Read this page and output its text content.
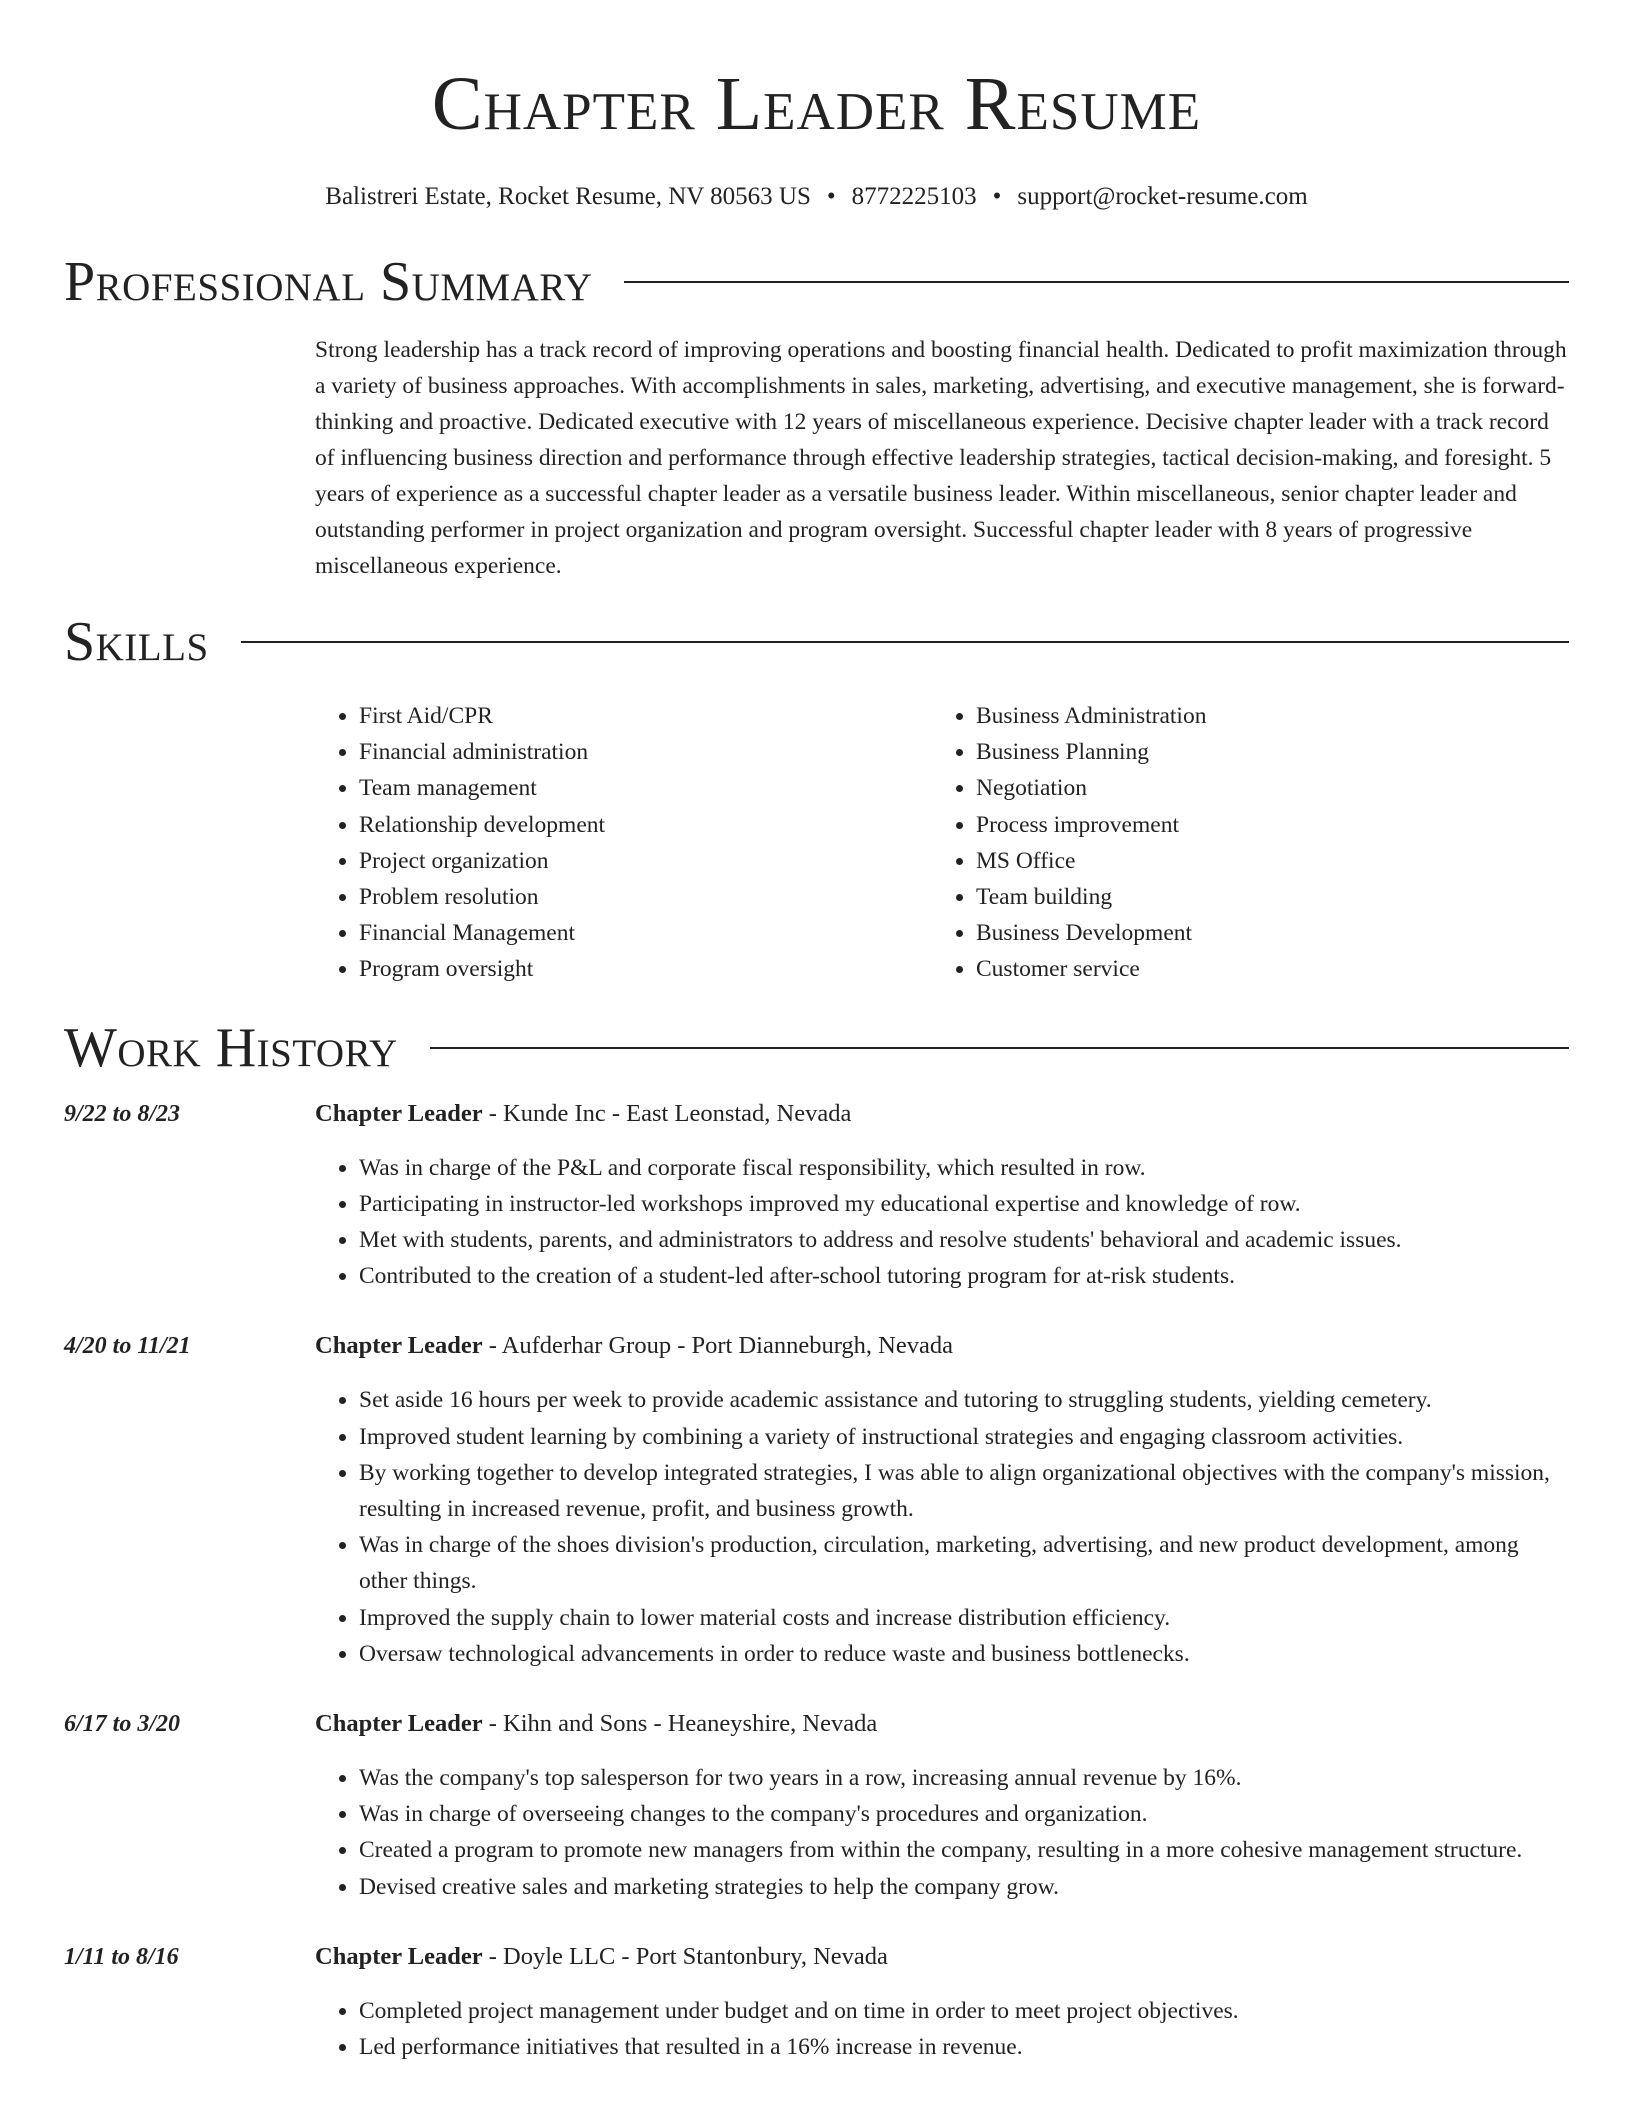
Chapter Leader Resume
Balistreri Estate, Rocket Resume, NV 80563 US • 8772225103 • support@rocket-resume.com
Professional Summary

Strong leadership has a track record of improving operations and boosting financial health. Dedicated to profit maximization through a variety of business approaches. With accomplishments in sales, marketing, advertising, and executive management, she is forward-thinking and proactive. Dedicated executive with 12 years of miscellaneous experience. Decisive chapter leader with a track record of influencing business direction and performance through effective leadership strategies, tactical decision-making, and foresight. 5 years of experience as a successful chapter leader as a versatile business leader. Within miscellaneous, senior chapter leader and outstanding performer in project organization and program oversight. Successful chapter leader with 8 years of progressive miscellaneous experience.

Skills
• First Aid/CPR
• Financial administration
• Team management
• Relationship development
• Project organization
• Problem resolution
• Financial Management
• Program oversight
• Business Administration
• Business Planning
• Negotiation
• Process improvement
• MS Office
• Team building
• Business Development
• Customer service
Work History
9/22 to 8/23	Chapter Leader - Kunde Inc - East Leonstad, Nevada
• Was in charge of the P&L and corporate fiscal responsibility, which resulted in row.
• Participating in instructor-led workshops improved my educational expertise and knowledge of row.
• Met with students, parents, and administrators to address and resolve students' behavioral and academic issues.
• Contributed to the creation of a student-led after-school tutoring program for at-risk students.
4/20 to 11/21	Chapter Leader - Aufderhar Group - Port Dianneburgh, Nevada
• Set aside 16 hours per week to provide academic assistance and tutoring to struggling students, yielding cemetery.
• Improved student learning by combining a variety of instructional strategies and engaging classroom activities.
• By working together to develop integrated strategies, I was able to align organizational objectives with the company's mission, resulting in increased revenue, profit, and business growth.
• Was in charge of the shoes division's production, circulation, marketing, advertising, and new product development, among other things.
• Improved the supply chain to lower material costs and increase distribution efficiency.
• Oversaw technological advancements in order to reduce waste and business bottlenecks.
6/17 to 3/20	Chapter Leader - Kihn and Sons - Heaneyshire, Nevada
• Was the company's top salesperson for two years in a row, increasing annual revenue by 16%.
• Was in charge of overseeing changes to the company's procedures and organization.
• Created a program to promote new managers from within the company, resulting in a more cohesive management structure.
• Devised creative sales and marketing strategies to help the company grow.
1/11 to 8/16	Chapter Leader - Doyle LLC - Port Stantonbury, Nevada
• Completed project management under budget and on time in order to meet project objectives.
• Led performance initiatives that resulted in a 16% increase in revenue.
